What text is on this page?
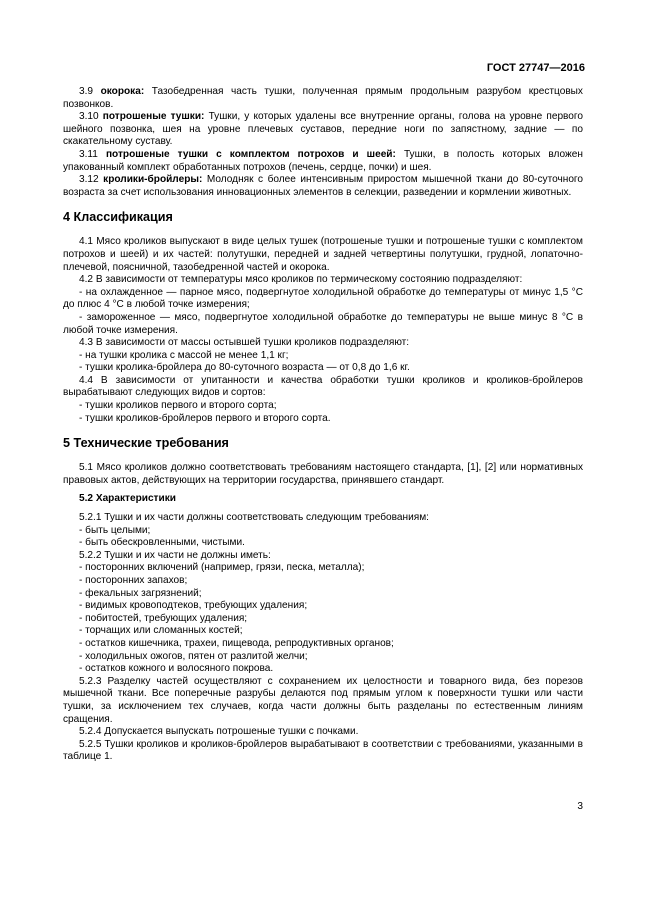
ГОСТ 27747—2016

3.9 окорока: Тазобедренная часть тушки, полученная прямым продольным разрубом крестцовых позвонков.

3.10 потрошеные тушки: Тушки, у которых удалены все внутренние органы, голова на уровне первого шейного позвонка, шея на уровне плечевых суставов, передние ноги по запястному, задние — по скакательному суставу.

3.11 потрошеные тушки с комплектом потрохов и шеей: Тушки, в полость которых вложен упакованный комплект обработанных потрохов (печень, сердце, почки) и шея.

3.12 кролики-бройлеры: Молодняк с более интенсивным приростом мышечной ткани до 80-суточного возраста за счет использования инновационных элементов в селекции, разведении и кормлении животных.

4 Классификация

4.1 Мясо кроликов выпускают в виде целых тушек (потрошеные тушки и потрошеные тушки с комплектом потрохов и шеей) и их частей: полутушки, передней и задней четвертины полутушки, грудной, лопаточно-плечевой, поясничной, тазобедренной частей и окорока.

4.2 В зависимости от температуры мясо кроликов по термическому состоянию подразделяют:

- на охлажденное — парное мясо, подвергнутое холодильной обработке до температуры от минус 1,5 °С до плюс 4 °С в любой точке измерения;

- замороженное — мясо, подвергнутое холодильной обработке до температуры не выше минус 8 °С в любой точке измерения.

4.3 В зависимости от массы остывшей тушки кроликов подразделяют:

- на тушки кролика с массой не менее 1,1 кг;

- тушки кролика-бройлера до 80-суточного возраста — от 0,8 до 1,6 кг.

4.4 В зависимости от упитанности и качества обработки тушки кроликов и кроликов-бройлеров вырабатывают следующих видов и сортов:

- тушки кроликов первого и второго сорта;

- тушки кроликов-бройлеров первого и второго сорта.

5 Технические требования

5.1 Мясо кроликов должно соответствовать требованиям настоящего стандарта, [1], [2] или нормативных правовых актов, действующих на территории государства, принявшего стандарт.

5.2 Характеристики

5.2.1 Тушки и их части должны соответствовать следующим требованиям:

- быть целыми;

- быть обескровленными, чистыми.

5.2.2 Тушки и их части не должны иметь:

- посторонних включений (например, грязи, песка, металла);

- посторонних запахов;

- фекальных загрязнений;

- видимых кровоподтеков, требующих удаления;

- побитостей, требующих удаления;

- торчащих или сломанных костей;

- остатков кишечника, трахеи, пищевода, репродуктивных органов;

- холодильных ожогов, пятен от разлитой желчи;

- остатков кожного и волосяного покрова.

5.2.3 Разделку частей осуществляют с сохранением их целостности и товарного вида, без порезов мышечной ткани. Все поперечные разрубы делаются под прямым углом к поверхности тушки или части тушки, за исключением тех случаев, когда части должны быть разделаны по естественным линиям сращения.

5.2.4 Допускается выпускать потрошеные тушки с почками.

5.2.5 Тушки кроликов и кроликов-бройлеров вырабатывают в соответствии с требованиями, указанными в таблице 1.

3
